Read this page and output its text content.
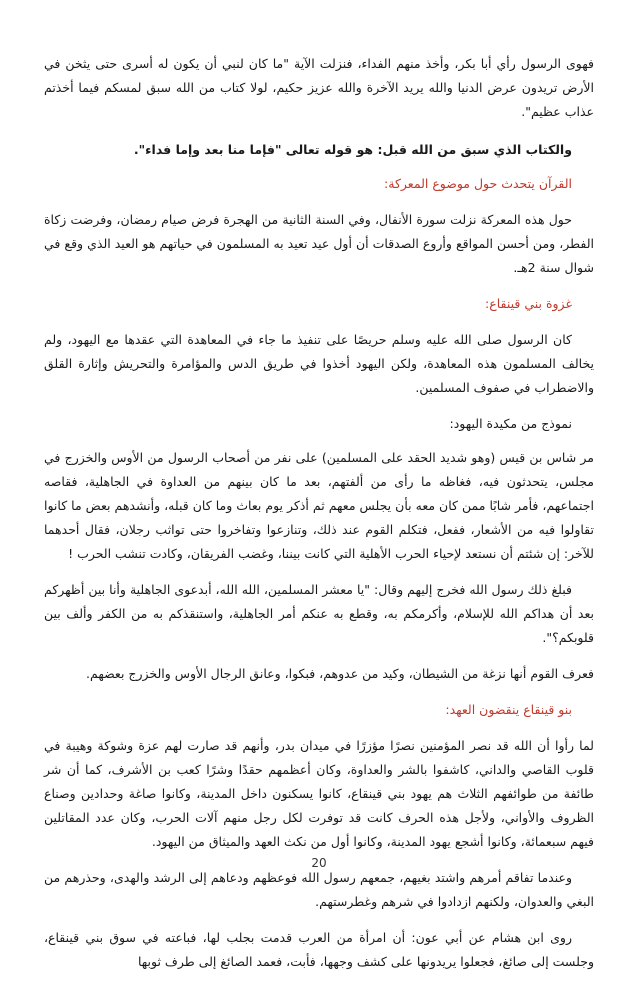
فهوى الرسول رأي أبا بكر، وأخذ منهم الفداء، فنزلت الآية "ما كان لنبي أن يكون له أسرى حتى يثخن في الأرض تريدون عرض الدنيا والله يريد الآخرة والله عزيز حكيم، لولا كتاب من الله سبق لمسكم فيما أخذتم عذاب عظيم".

والكتاب الذي سبق من الله قبل: هو قوله تعالى "فإما منا بعد وإما فداء".

القرآن يتحدث حول موضوع المعركة:

حول هذه المعركة نزلت سورة الأنفال، وفي السنة الثانية من الهجرة فرض صيام رمضان، وفرضت زكاة الفطر، ومن أحسن المواقع وأروع الصدقات أن أول عيد تعيد به المسلمون في حياتهم هو العيد الذي وقع في شوال سنة 2هـ.

غزوة بني قينقاع:

كان الرسول صلى الله عليه وسلم حريصًا على تنفيذ ما جاء في المعاهدة التي عقدها مع اليهود، ولم يخالف المسلمون هذه المعاهدة، ولكن اليهود أخذوا في طريق الدس والمؤامرة والتحريش وإثارة القلق والاضطراب في صفوف المسلمين.

نموذج من مكيدة اليهود:

مر شاس بن قيس (وهو شديد الحقد على المسلمين) على نفر من أصحاب الرسول من الأوس والخزرج في مجلس، يتحدثون فيه، فغاظه ما رأى من ألفتهم، بعد ما كان بينهم من العداوة في الجاهلية، فقاصه اجتماعهم، فأمر شابًا ممن كان معه بأن يجلس معهم ثم أذكر يوم بعاث وما كان قبله، وأنشدهم بعض ما كانوا تقاولوا فيه من الأشعار، ففعل، فتكلم القوم عند ذلك، وتنازعوا وتفاخروا حتى تواثب رجلان، فقال أحدهما للآخر: إن شئتم أن نستعد لإحياء الحرب الأهلية التي كانت بيننا، وغضب الفريقان، وكادت تنشب الحرب !

فبلغ ذلك رسول الله فخرج إليهم وقال: "يا معشر المسلمين، الله الله، أبدعوى الجاهلية وأنا بين أظهركم بعد أن هداكم الله للإسلام، وأكرمكم به، وقطع به عنكم أمر الجاهلية، واستنقذكم به من الكفر وألف بين قلوبكم؟".

فعرف القوم أنها نزغة من الشيطان، وكيد من عدوهم، فبكوا، وعانق الرجال الأوس والخزرج بعضهم.

بنو قينقاع ينقضون العهد:

لما رأوا أن الله قد نصر المؤمنين نصرًا مؤزرًا في ميدان بدر، وأنهم قد صارت لهم عزة وشوكة وهيبة في قلوب القاصي والداني، كاشفوا بالشر والعداوة، وكان أعظمهم حقدًا وشرًا كعب بن الأشرف، كما أن شر طائفة من طوائفهم الثلاث هم يهود بني قينقاع، كانوا يسكنون داخل المدينة، وكانوا صاغة وحدادين وصناع الظروف والأواني، ولأجل هذه الحرف كانت قد توفرت لكل رجل منهم آلات الحرب، وكان عدد المقاتلين فيهم سبعمائة، وكانوا أشجع يهود المدينة، وكانوا أول من نكث العهد والميثاق من اليهود.

وعندما تفاقم أمرهم واشتد بغيهم، جمعهم رسول الله فوعظهم ودعاهم إلى الرشد والهدى، وحذرهم من البغي والعدوان، ولكنهم ازدادوا في شرهم وغطرستهم.

روى ابن هشام عن أبي عون: أن امرأة من العرب قدمت بجلب لها، فباعته في سوق بني قينقاع، وجلست إلى صائغ، فجعلوا يريدونها على كشف وجهها، فأبت، فعمد الصائغ إلى طرف ثوبها

20
